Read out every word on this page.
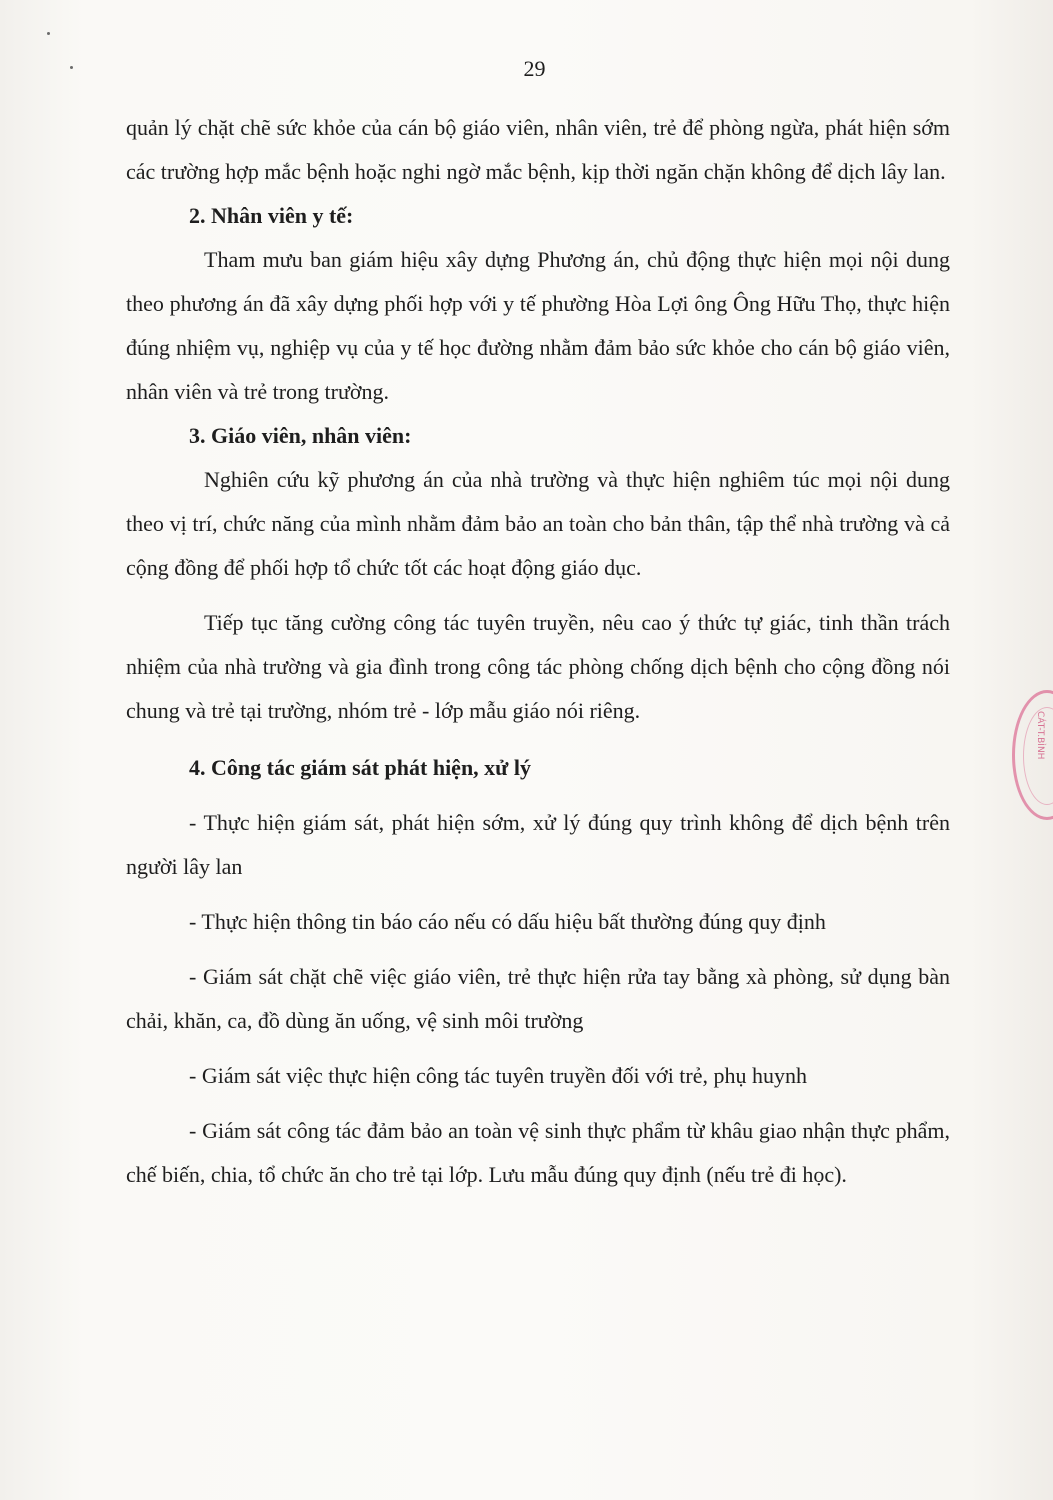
29

quản lý chặt chẽ sức khỏe của cán bộ giáo viên, nhân viên, trẻ để phòng ngừa, phát hiện sớm các trường hợp mắc bệnh hoặc nghi ngờ mắc bệnh, kịp thời ngăn chặn không để dịch lây lan.

2. Nhân viên y tế:

Tham mưu ban giám hiệu xây dựng Phương án, chủ động thực hiện mọi nội dung theo phương án đã xây dựng phối hợp với y tế phường Hòa Lợi ông Ông Hữu Thọ, thực hiện đúng nhiệm vụ, nghiệp vụ của y tế học đường nhằm đảm bảo sức khỏe cho cán bộ giáo viên, nhân viên và trẻ trong trường.

3. Giáo viên, nhân viên:

Nghiên cứu kỹ phương án của nhà trường và thực hiện nghiêm túc mọi nội dung theo vị trí, chức năng của mình nhằm đảm bảo an toàn cho bản thân, tập thể nhà trường và cả cộng đồng để phối hợp tổ chức tốt các hoạt động giáo dục.

Tiếp tục tăng cường công tác tuyên truyền, nêu cao ý thức tự giác, tinh thần trách nhiệm của nhà trường và gia đình trong công tác phòng chống dịch bệnh cho cộng đồng nói chung và trẻ tại trường, nhóm trẻ - lớp mẫu giáo nói riêng.

4. Công tác giám sát phát hiện, xử lý

- Thực hiện giám sát, phát hiện sớm, xử lý đúng quy trình không để dịch bệnh trên người lây lan

- Thực hiện thông tin báo cáo nếu có dấu hiệu bất thường đúng quy định

- Giám sát chặt chẽ việc giáo viên, trẻ thực hiện rửa tay bằng xà phòng, sử dụng bàn chải, khăn, ca, đồ dùng ăn uống, vệ sinh môi trường

- Giám sát việc thực hiện công tác tuyên truyền đối với trẻ, phụ huynh

- Giám sát công tác đảm bảo an toàn vệ sinh thực phẩm từ khâu giao nhận thực phẩm, chế biến, chia, tổ chức ăn cho trẻ tại lớp. Lưu mẫu đúng quy định (nếu trẻ đi học).

CÁT-T.BÌNH
